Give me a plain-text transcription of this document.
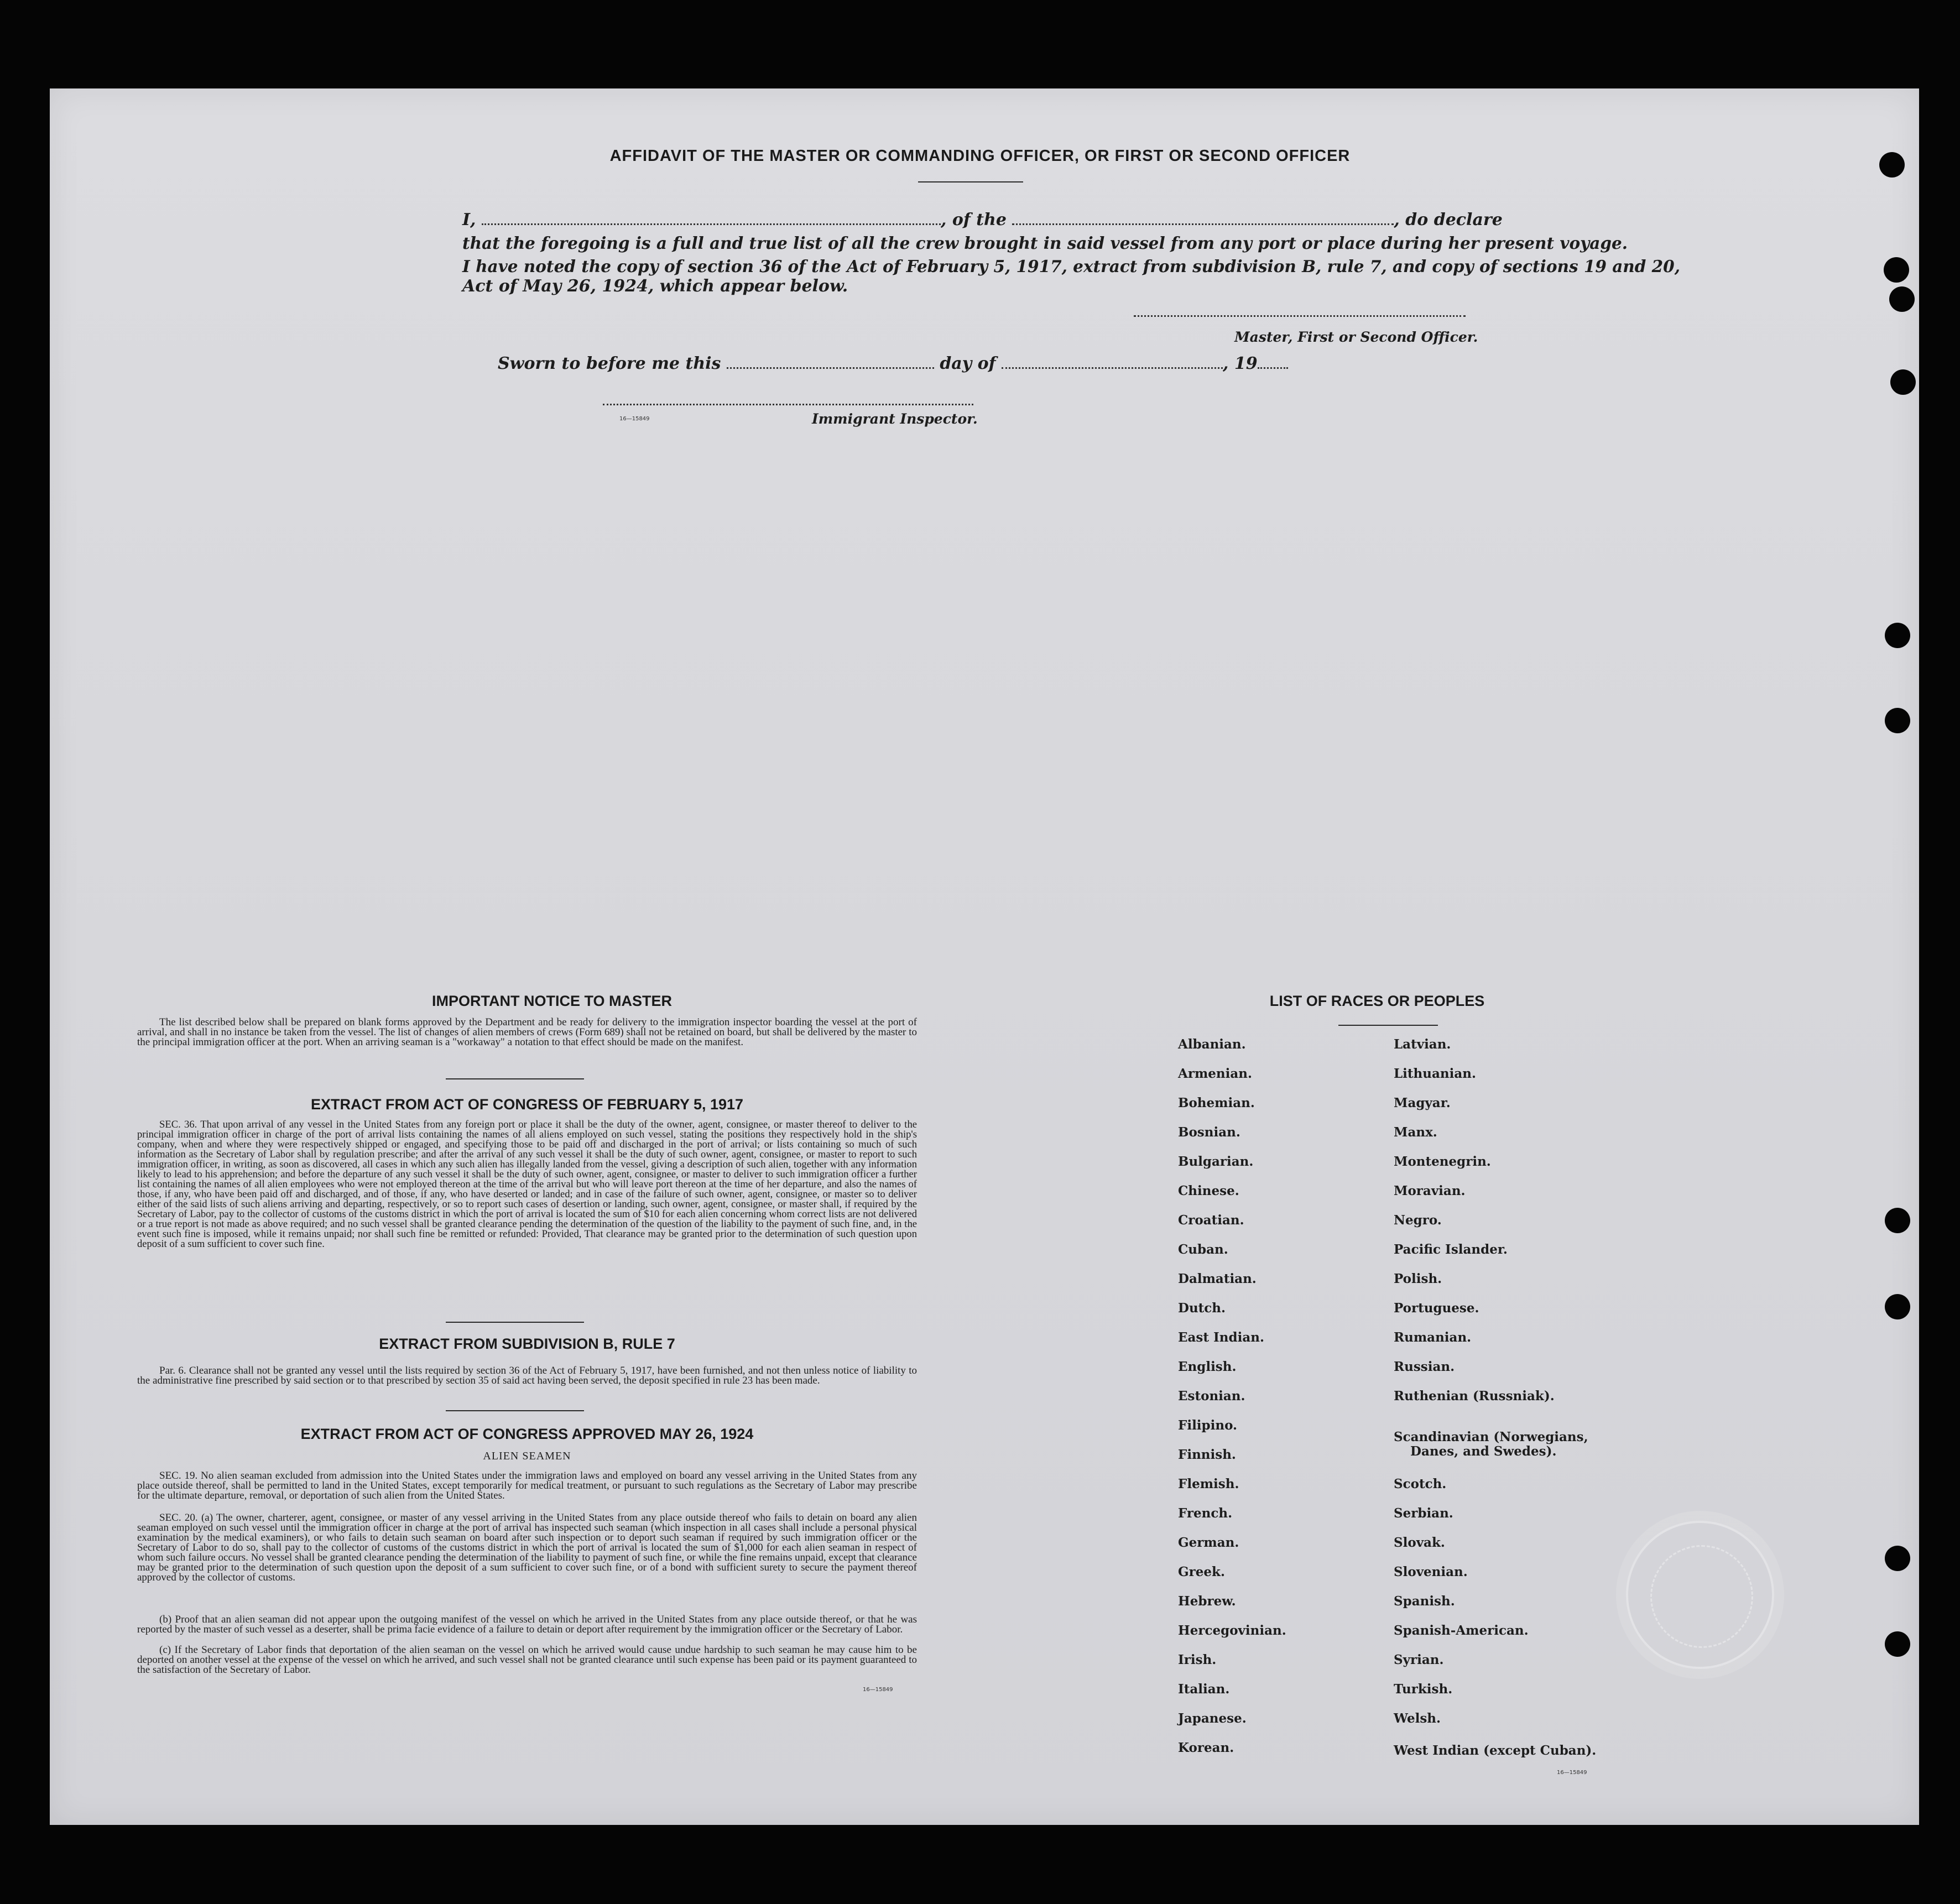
AFFIDAVIT OF THE MASTER OR COMMANDING OFFICER, OR FIRST OR SECOND OFFICER
I,	, of the	, do declare
that the foregoing is a full and true list of all the crew brought in said vessel from any port or place during her present voyage.
I have noted the copy of section 36 of the Act of February 5, 1917, extract from subdivision B, rule 7, and copy of sections 19 and 20,
Act of May 26, 1924, which appear below.
Master, First or Second Officer.
Sworn to before me this	day of	, 19
16—15849	Immigrant Inspector.
IMPORTANT NOTICE TO MASTER
The list described below shall be prepared on blank forms approved by the Department and be ready for delivery to the immigration inspector boarding the vessel at the port of arrival, and shall in no instance be taken from the vessel. The list of changes of alien members of crews (Form 689) shall not be retained on board, but shall be delivered by the master to the principal immigration officer at the port. When an arriving seaman is a "workaway" a notation to that effect should be made on the manifest.
EXTRACT FROM ACT OF CONGRESS OF FEBRUARY 5, 1917
SEC. 36. That upon arrival of any vessel in the United States from any foreign port or place it shall be the duty of the owner, agent, consignee, or master thereof to deliver to the principal immigration officer in charge of the port of arrival lists containing the names of all aliens employed on such vessel, stating the positions they respectively hold in the ship's company, when and where they were respectively shipped or engaged, and specifying those to be paid off and discharged in the port of arrival; or lists containing so much of such information as the Secretary of Labor shall by regulation prescribe; and after the arrival of any such vessel it shall be the duty of such owner, agent, consignee, or master to report to such immigration officer, in writing, as soon as discovered, all cases in which any such alien has illegally landed from the vessel, giving a description of such alien, together with any information likely to lead to his apprehension; and before the departure of any such vessel it shall be the duty of such owner, agent, consignee, or master to deliver to such immigration officer a further list containing the names of all alien employees who were not employed thereon at the time of the arrival but who will leave port thereon at the time of her departure, and also the names of those, if any, who have been paid off and discharged, and of those, if any, who have deserted or landed; and in case of the failure of such owner, agent, consignee, or master so to deliver either of the said lists of such aliens arriving and departing, respectively, or so to report such cases of desertion or landing, such owner, agent, consignee, or master shall, if required by the Secretary of Labor, pay to the collector of customs of the customs district in which the port of arrival is located the sum of $10 for each alien concerning whom correct lists are not delivered or a true report is not made as above required; and no such vessel shall be granted clearance pending the determination of the question of the liability to the payment of such fine, and, in the event such fine is imposed, while it remains unpaid; nor shall such fine be remitted or refunded: Provided, That clearance may be granted prior to the determination of such question upon deposit of a sum sufficient to cover such fine.
EXTRACT FROM SUBDIVISION B, RULE 7
Par. 6. Clearance shall not be granted any vessel until the lists required by section 36 of the Act of February 5, 1917, have been furnished, and not then unless notice of liability to the administrative fine prescribed by said section or to that prescribed by section 35 of said act having been served, the deposit specified in rule 23 has been made.
EXTRACT FROM ACT OF CONGRESS APPROVED MAY 26, 1924
ALIEN SEAMEN
SEC. 19. No alien seaman excluded from admission into the United States under the immigration laws and employed on board any vessel arriving in the United States from any place outside thereof, shall be permitted to land in the United States, except temporarily for medical treatment, or pursuant to such regulations as the Secretary of Labor may prescribe for the ultimate departure, removal, or deportation of such alien from the United States.
SEC. 20. (a) The owner, charterer, agent, consignee, or master of any vessel arriving in the United States from any place outside thereof who fails to detain on board any alien seaman employed on such vessel until the immigration officer in charge at the port of arrival has inspected such seaman (which inspection in all cases shall include a personal physical examination by the medical examiners), or who fails to detain such seaman on board after such inspection or to deport such seaman if required by such immigration officer or the Secretary of Labor to do so, shall pay to the collector of customs of the customs district in which the port of arrival is located the sum of $1,000 for each alien seaman in respect of whom such failure occurs. No vessel shall be granted clearance pending the determination of the liability to payment of such fine, or while the fine remains unpaid, except that clearance may be granted prior to the determination of such question upon the deposit of a sum sufficient to cover such fine, or of a bond with sufficient surety to secure the payment thereof approved by the collector of customs.
(b) Proof that an alien seaman did not appear upon the outgoing manifest of the vessel on which he arrived in the United States from any place outside thereof, or that he was reported by the master of such vessel as a deserter, shall be prima facie evidence of a failure to detain or deport after requirement by the immigration officer or the Secretary of Labor.
(c) If the Secretary of Labor finds that deportation of the alien seaman on the vessel on which he arrived would cause undue hardship to such seaman he may cause him to be deported on another vessel at the expense of the vessel on which he arrived, and such vessel shall not be granted clearance until such expense has been paid or its payment guaranteed to the satisfaction of the Secretary of Labor.
16—15849
LIST OF RACES OR PEOPLES
16—15849
Albanian.
Armenian.
Bohemian.
Bosnian.
Bulgarian.
Chinese.
Croatian.
Cuban.
Dalmatian.
Dutch.
East Indian.
English.
Estonian.
Filipino.
Finnish.
Flemish.
French.
German.
Greek.
Hebrew.
Hercegovinian.
Irish.
Italian.
Japanese.
Korean.
Latvian.
Lithuanian.
Magyar.
Manx.
Montenegrin.
Moravian.
Negro.
Pacific Islander.
Polish.
Portuguese.
Rumanian.
Russian.
Ruthenian (Russniak).
Scandinavian (Norwegians,
Danes, and Swedes).
Scotch.
Serbian.
Slovak.
Slovenian.
Spanish.
Spanish-American.
Syrian.
Turkish.
Welsh.
West Indian (except Cuban).
